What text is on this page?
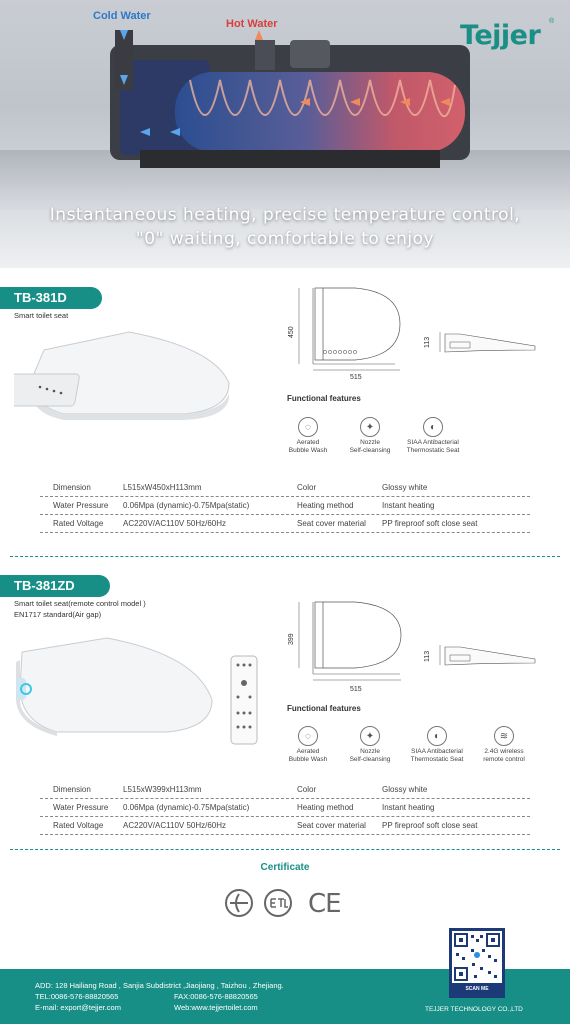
Cold Water
Hot Water	Tejjer ®
Instantaneous heating, precise temperature control,
"0" waiting, comfortable to enjoy
TB-381D
Smart toilet seat
450
515
113
Functional features
◌
Aerated
Bubble Wash
✦
Nozzle
Self-cleansing
◐
SIAA Antibacterial
Thermostatic Seat
Dimension	L515xW450xH113mm	Color	Glossy white
Water Pressure 0.06Mpa (dynamic)-0.75Mpa(static)	Heating method	Instant heating
Rated Voltage AC220V/AC110V 50Hz/60Hz	Seat cover material PP fireproof soft close seat
TB-381ZD
Smart toilet seat(remote control model )
EN1717 standard(Air gap)
399
515
113
Functional features
◌
Aerated
Bubble Wash
✦
Nozzle
Self-cleansing
◐
SIAA Antibacterial
Thermostatic Seat
≋
2.4G wireless
remote control
Dimension	L515xW399xH113mm	Color	Glossy white
Water Pressure 0.06Mpa (dynamic)-0.75Mpa(static)	Heating method	Instant heating
Rated Voltage AC220V/AC110V 50Hz/60Hz	Seat cover material PP fireproof soft close seat
Certificate
CE
ADD: 128 Hailiang Road , Sanjia Subdistrict ,Jiaojiang , Taizhou , Zhejiang.
TEL:0086-576-88820565	FAX:0086-576-88820565
E-mail: export@tejjer.com	Web:www.tejjertoilet.com	TEJJER TECHNOLOGY CO.,LTD
SCAN ME
